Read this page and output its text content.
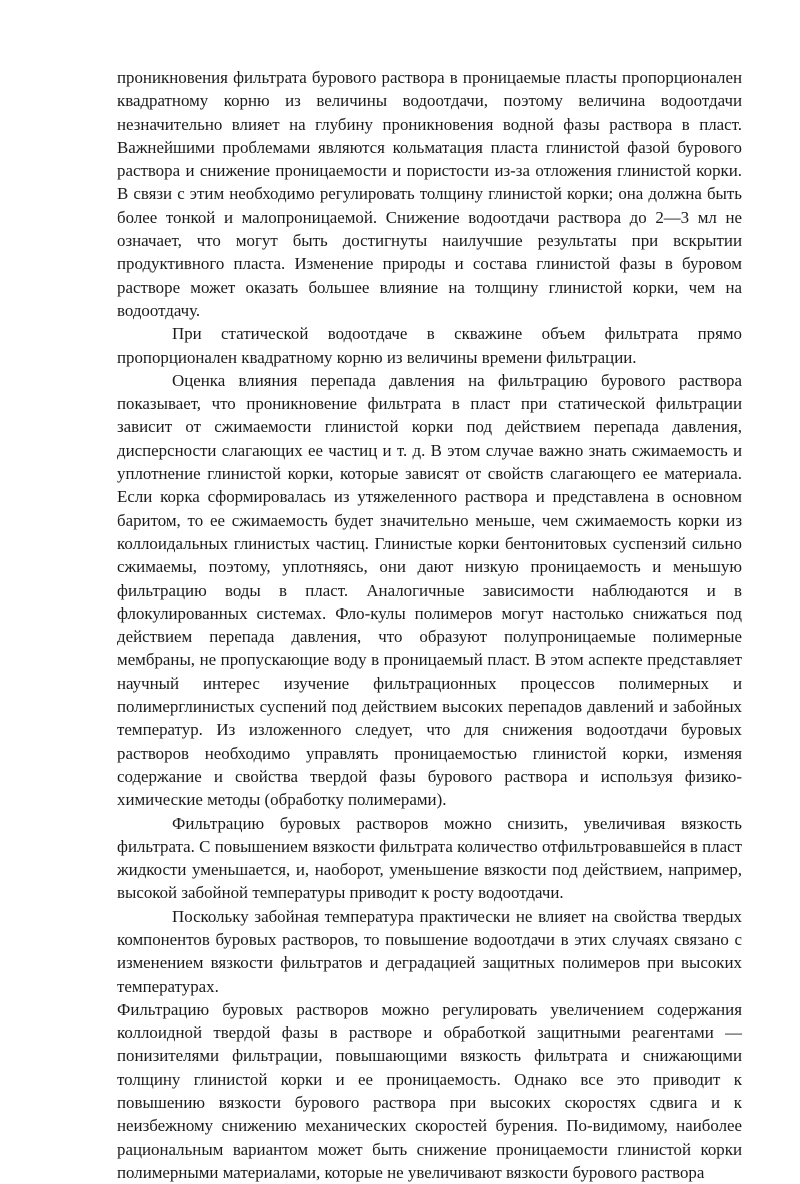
проникновения фильтрата бурового раствора в проницаемые пласты пропорционален квадратному корню из величины водоотдачи, поэтому величина водоотдачи незначительно влияет на глубину проникновения водной фазы раствора в пласт. Важнейшими проблемами являются кольматация пласта глинистой фазой бурового раствора и снижение проницаемости и пористости из-за отложения глинистой корки. В связи с этим необходимо регулировать толщину глинистой корки; она должна быть более тонкой и малопроницаемой. Снижение водоотдачи раствора до 2—3 мл не означает, что могут быть достигнуты наилучшие результаты при вскрытии продуктивного пласта. Изменение природы и состава глинистой фазы в буровом растворе может оказать большее влияние на толщину глинистой корки, чем на водоотдачу.

При статической водоотдаче в скважине объем фильтрата прямо пропорционален квадратному корню из величины времени фильтрации.

Оценка влияния перепада давления на фильтрацию бурового раствора показывает, что проникновение фильтрата в пласт при статической фильтрации зависит от сжимаемости глинистой корки под действием перепада давления, дисперсности слагающих ее частиц и т. д. В этом случае важно знать сжимаемость и уплотнение глинистой корки, которые зависят от свойств слагающего ее материала. Если корка сформировалась из утяжеленного раствора и представлена в основном баритом, то ее сжимаемость будет значительно меньше, чем сжимаемость корки из коллоидальных глинистых частиц. Глинистые корки бентонитовых суспензий сильно сжимаемы, поэтому, уплотняясь, они дают низкую проницаемость и меньшую фильтрацию воды в пласт. Аналогичные зависимости наблюдаются и в флокулированных системах. Фло-кулы полимеров могут настолько снижаться под действием перепада давления, что образуют полупроницаемые полимерные мембраны, не пропускающие воду в проницаемый пласт. В этом аспекте представляет научный интерес изучение фильтрационных процессов полимерных и полимерглинистых суспений под действием высоких перепадов давлений и забойных температур. Из изложенного следует, что для снижения водоотдачи буровых растворов необходимо управлять проницаемостью глинистой корки, изменяя содержание и свойства твердой фазы бурового раствора и используя физико-химические методы (обработку полимерами).

Фильтрацию буровых растворов можно снизить, увеличивая вязкость фильтрата. С повышением вязкости фильтрата количество отфильтровавшейся в пласт жидкости уменьшается, и, наоборот, уменьшение вязкости под действием, например, высокой забойной температуры приводит к росту водоотдачи.

Поскольку забойная температура практически не влияет на свойства твердых компонентов буровых растворов, то повышение водоотдачи в этих случаях связано с изменением вязкости фильтратов и деградацией защитных полимеров при высоких температурах.

Фильтрацию буровых растворов можно регулировать увеличением содержания коллоидной твердой фазы в растворе и обработкой защитными реагентами — понизителями фильтрации, повышающими вязкость фильтрата и снижающими толщину глинистой корки и ее проницаемость. Однако все это приводит к повышению вязкости бурового раствора при высоких скоростях сдвига и к неизбежному снижению механических скоростей бурения. По-видимому, наиболее рациональным вариантом может быть снижение проницаемости глинистой корки полимерными материалами, которые не увеличивают вязкости бурового раствора
